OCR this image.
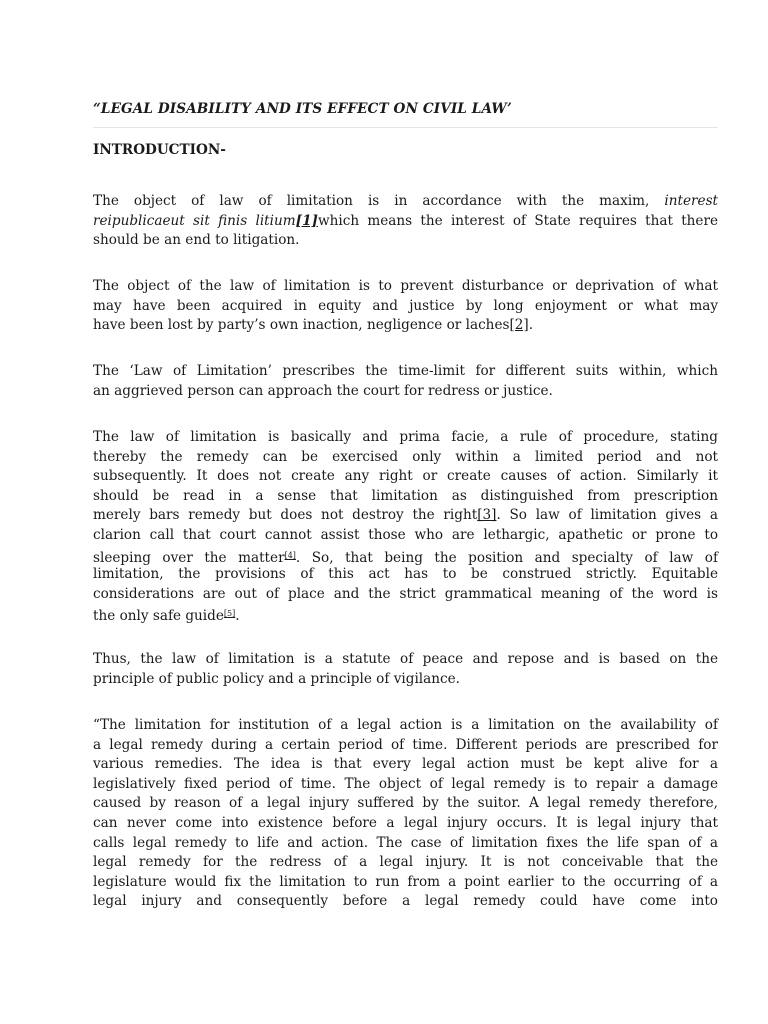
“LEGAL DISABILITY AND ITS EFFECT ON CIVIL LAW’
INTRODUCTION-
The object of law of limitation is in accordance with the maxim, interest
reipublicaeut sit finis litium[1]which means the interest of State requires that there
should be an end to litigation.
The object of the law of limitation is to prevent disturbance or deprivation of what
may have been acquired in equity and justice by long enjoyment or what may
have been lost by party’s own inaction, negligence or laches[2].
The ‘Law of Limitation’ prescribes the time-limit for different suits within, which
an aggrieved person can approach the court for redress or justice.
The law of limitation is basically and prima facie, a rule of procedure, stating
thereby the remedy can be exercised only within a limited period and not
subsequently. It does not create any right or create causes of action. Similarly it
should be read in a sense that limitation as distinguished from prescription
merely bars remedy but does not destroy the right[3]. So law of limitation gives a
clarion call that court cannot assist those who are lethargic, apathetic or prone to
sleeping over the matter[4]. So, that being the position and specialty of law of
limitation, the provisions of this act has to be construed strictly. Equitable
considerations are out of place and the strict grammatical meaning of the word is
the only safe guide[5].
Thus, the law of limitation is a statute of peace and repose and is based on the
principle of public policy and a principle of vigilance.
“The limitation for institution of a legal action is a limitation on the availability of
a legal remedy during a certain period of time. Different periods are prescribed for
various remedies. The idea is that every legal action must be kept alive for a
legislatively fixed period of time. The object of legal remedy is to repair a damage
caused by reason of a legal injury suffered by the suitor. A legal remedy therefore,
can never come into existence before a legal injury occurs. It is legal injury that
calls legal remedy to life and action. The case of limitation fixes the life span of a
legal remedy for the redress of a legal injury. It is not conceivable that the
legislature would fix the limitation to run from a point earlier to the occurring of a
legal injury and consequently before a legal remedy could have come into
